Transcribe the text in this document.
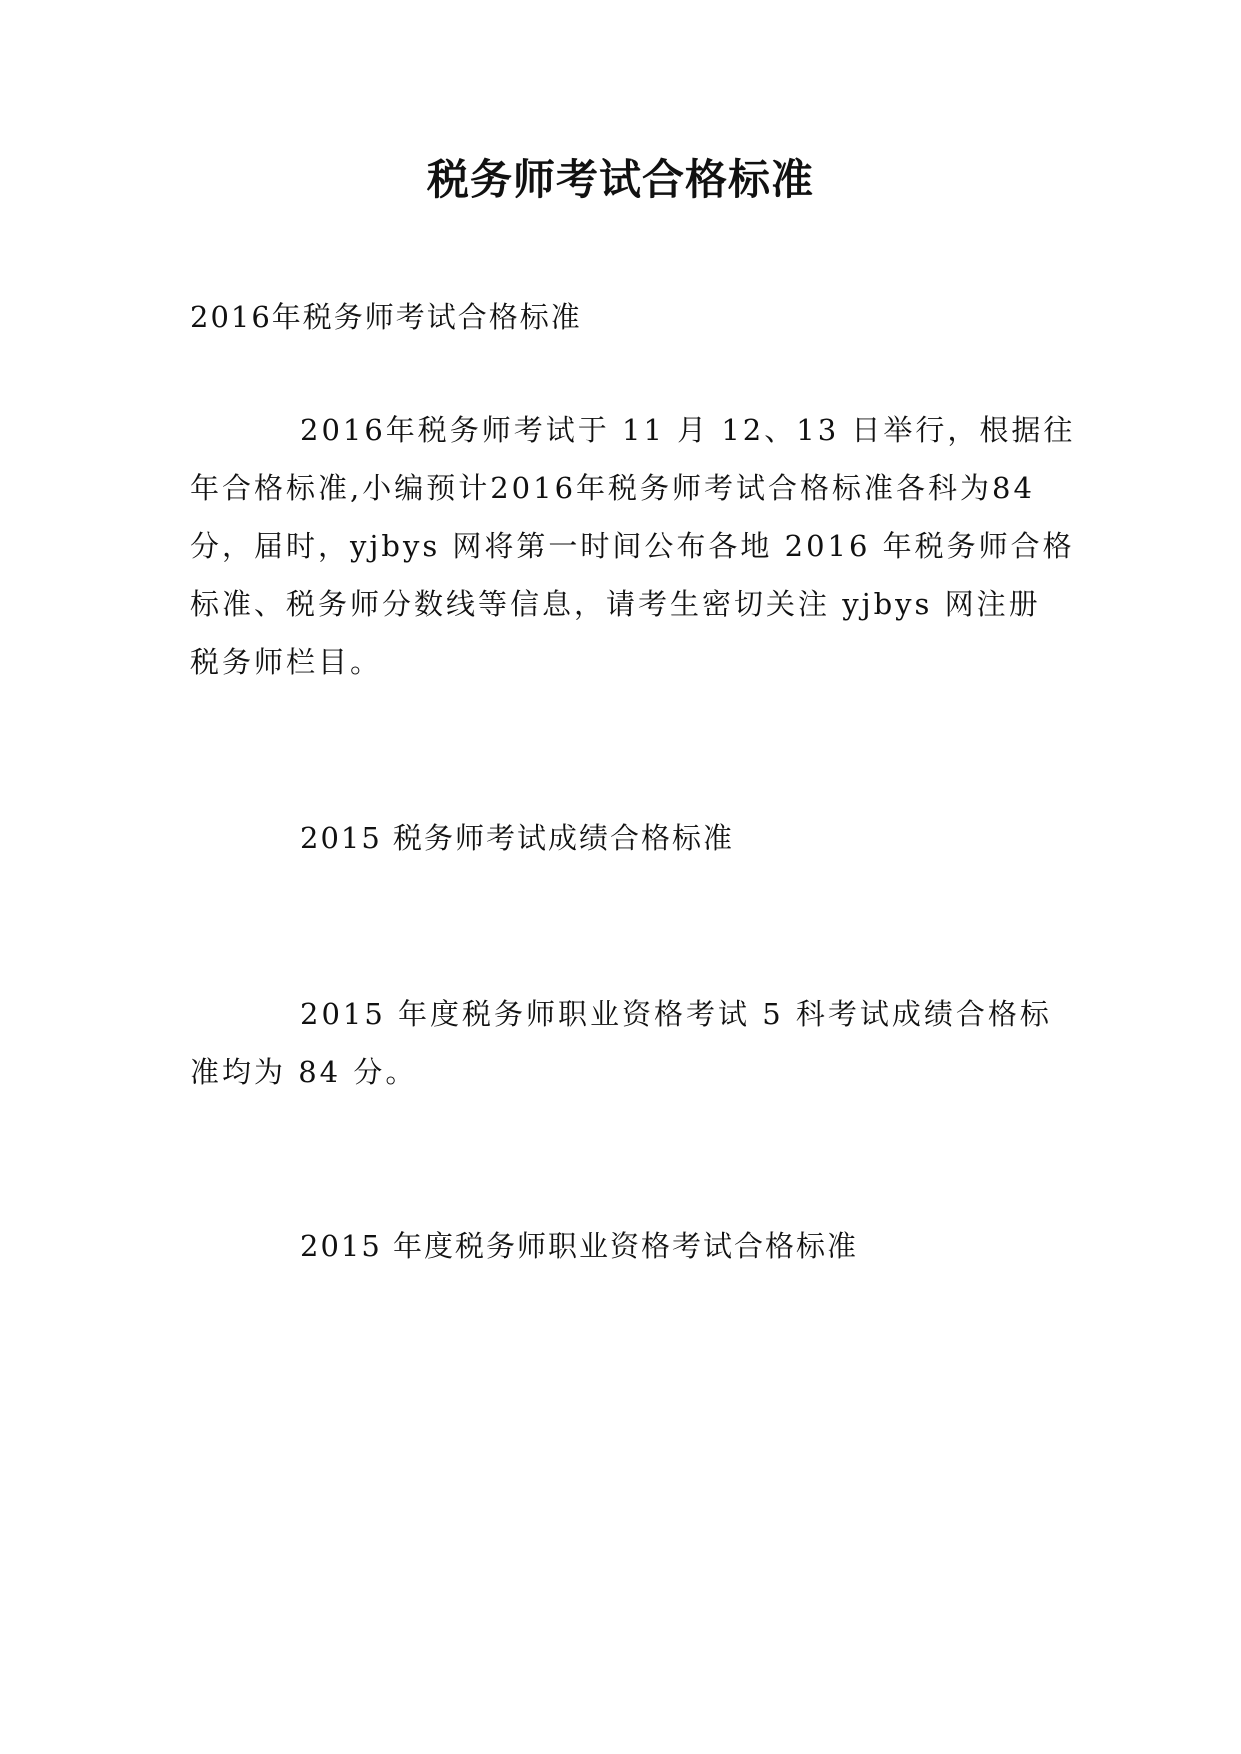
税务师考试合格标准
2016年税务师考试合格标准
2016年税务师考试于 11 月 12、13 日举行，根据往
年合格标准,小编预计2016年税务师考试合格标准各科为84
分，届时，yjbys 网将第一时间公布各地 2016 年税务师合格
标准、税务师分数线等信息，请考生密切关注 yjbys 网注册
税务师栏目。
2015 税务师考试成绩合格标准
2015 年度税务师职业资格考试 5 科考试成绩合格标
准均为 84 分。
2015 年度税务师职业资格考试合格标准
